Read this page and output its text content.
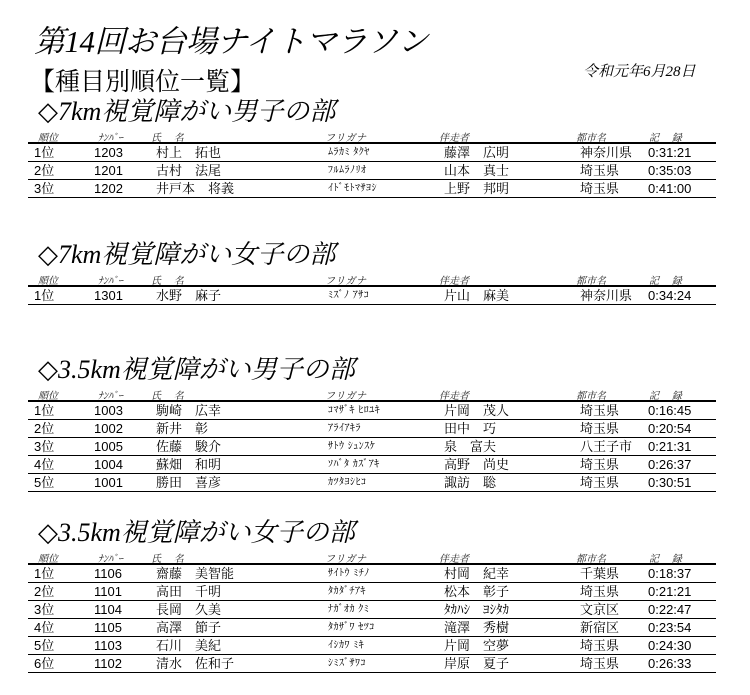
第14回お台場ナイトマラソン
【種目別順位一覧】	令和元年6月28日
◇7km視覚障がい男子の部
順位	ﾅﾝﾊﾞｰ	氏 名	フリガナ	伴走者	都市名	記 録
1位	1203	村上　拓也	ﾑﾗｶﾐ ﾀｸﾔ	藤澤　広明	神奈川県 0:31:21
2位	1201	古村　法尾	ﾌﾙﾑﾗﾉﾘｵ	山本　真士	埼玉県 0:35:03
3位	1202	井戸本　将義	ｲﾄﾞﾓﾄﾏｻﾖｼ	上野　邦明	埼玉県 0:41:00
◇7km視覚障がい女子の部
順位	ﾅﾝﾊﾞｰ	氏 名	フリガナ	伴走者	都市名	記 録
1位	1301	水野　麻子	ﾐｽﾞﾉ ｱｻｺ	片山　麻美	神奈川県 0:34:24
◇3.5km視覚障がい男子の部
順位	ﾅﾝﾊﾞｰ	氏 名	フリガナ	伴走者	都市名	記 録
1位	1003	駒崎　広幸	ｺﾏｻﾞｷ ﾋﾛﾕｷ	片岡　茂人	埼玉県 0:16:45
2位	1002	新井　彰	ｱﾗｲｱｷﾗ	田中　巧	埼玉県 0:20:54
3位	1005	佐藤　駿介	ｻﾄｳ ｼｭﾝｽｹ	泉　富夫	八王子市 0:21:31
4位	1004	蘇畑　和明	ｿﾊﾞﾀ ｶｽﾞｱｷ	高野　尚史	埼玉県 0:26:37
5位	1001	勝田　喜彦	ｶﾂﾀﾖｼﾋｺ	諏訪　聡	埼玉県 0:30:51
◇3.5km視覚障がい女子の部
順位	ﾅﾝﾊﾞｰ	氏 名	フリガナ	伴走者	都市名	記 録
1位	1106	齋藤　美智能	ｻｲﾄｳ ﾐﾁﾉ	村岡　紀幸	千葉県 0:18:37
2位	1101	高田　千明	ﾀｶﾀﾞﾁｱｷ	松本　彰子	埼玉県 0:21:21
3位	1104	長岡　久美	ﾅｶﾞｵｶ ｸﾐ	ﾀｶﾊｼ　ﾖｼﾀｶ	文京区 0:22:47
4位	1105	高澤　節子	ﾀｶｻﾞﾜ ｾﾂｺ	滝澤　秀樹	新宿区 0:23:54
5位	1103	石川　美紀	ｲｼｶﾜ ﾐｷ	片岡　空夢	埼玉県 0:24:30
6位	1102	清水　佐和子	ｼﾐｽﾞｻﾜｺ	岸原　夏子	埼玉県 0:26:33
